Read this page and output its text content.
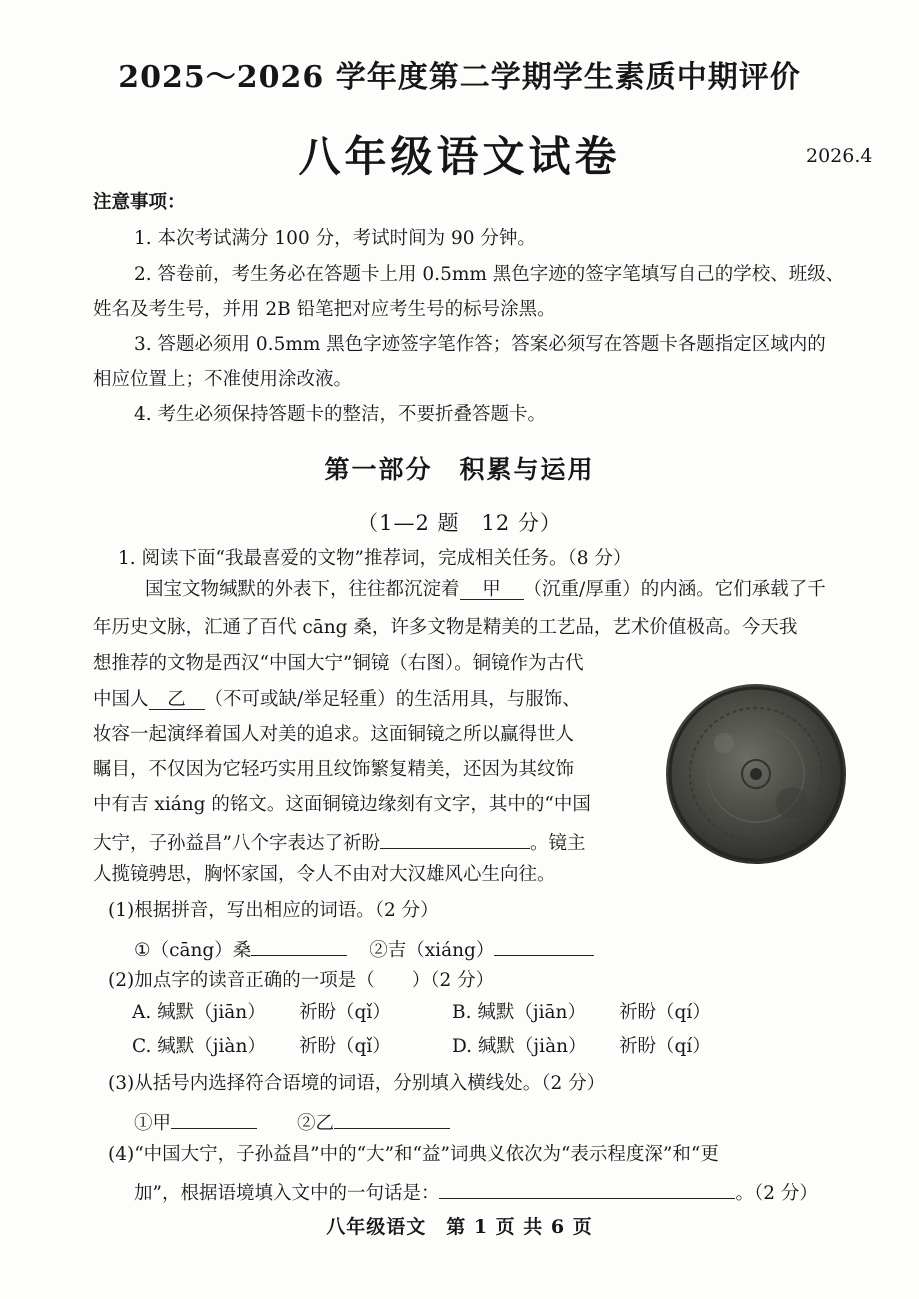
2025～2026 学年度第二学期学生素质中期评价
八年级语文试卷	2026.4
注意事项：
1. 本次考试满分 100 分，考试时间为 90 分钟。
2. 答卷前，考生务必在答题卡上用 0.5mm 黑色字迹的签字笔填写自己的学校、班级、
姓名及考生号，并用 2B 铅笔把对应考生号的标号涂黑。
3. 答题必须用 0.5mm 黑色字迹签字笔作答；答案必须写在答题卡各题指定区域内的
相应位置上；不准使用涂改液。
4. 考生必须保持答题卡的整洁，不要折叠答题卡。
第一部分　积累与运用
（1—2 题　12 分）
1. 阅读下面“我最喜爱的文物”推荐词，完成相关任务。（8 分）
国宝文物缄默的外表下，往往都沉淀着 甲 （沉重/厚重）的内涵。它们承载了千
年历史文脉，汇通了百代 cāng 桑，许多文物是精美的工艺品，艺术价值极高。今天我
想推荐的文物是西汉“中国大宁”铜镜（右图）。铜镜作为古代
中国人 乙 （不可或缺/举足轻重）的生活用具，与服饰、
妆容一起演绎着国人对美的追求。这面铜镜之所以赢得世人
瞩目，不仅因为它轻巧实用且纹饰繁复精美，还因为其纹饰
中有吉 xiáng 的铭文。这面铜镜边缘刻有文字，其中的“中国
大宁，子孙益昌”八个字表达了祈盼	。镜主
人揽镜骋思，胸怀家国，令人不由对大汉雄风心生向往。
(1)根据拼音，写出相应的词语。（2 分）
①（cāng）桑	②吉（xiáng）
(2)加点字的读音正确的一项是（　　）（2 分）
A. 缄默（jiān） 祈盼（qǐ）	B. 缄默（jiān） 祈盼（qí）
C. 缄默（jiàn） 祈盼（qǐ）	D. 缄默（jiàn） 祈盼（qí）
(3)从括号内选择符合语境的词语，分别填入横线处。（2 分）
①甲	②乙
(4)“中国大宁，子孙益昌”中的“大”和“益”词典义依次为“表示程度深”和“更
加”，根据语境填入文中的一句话是：	。（2 分）
八年级语文　第 1 页 共 6 页
